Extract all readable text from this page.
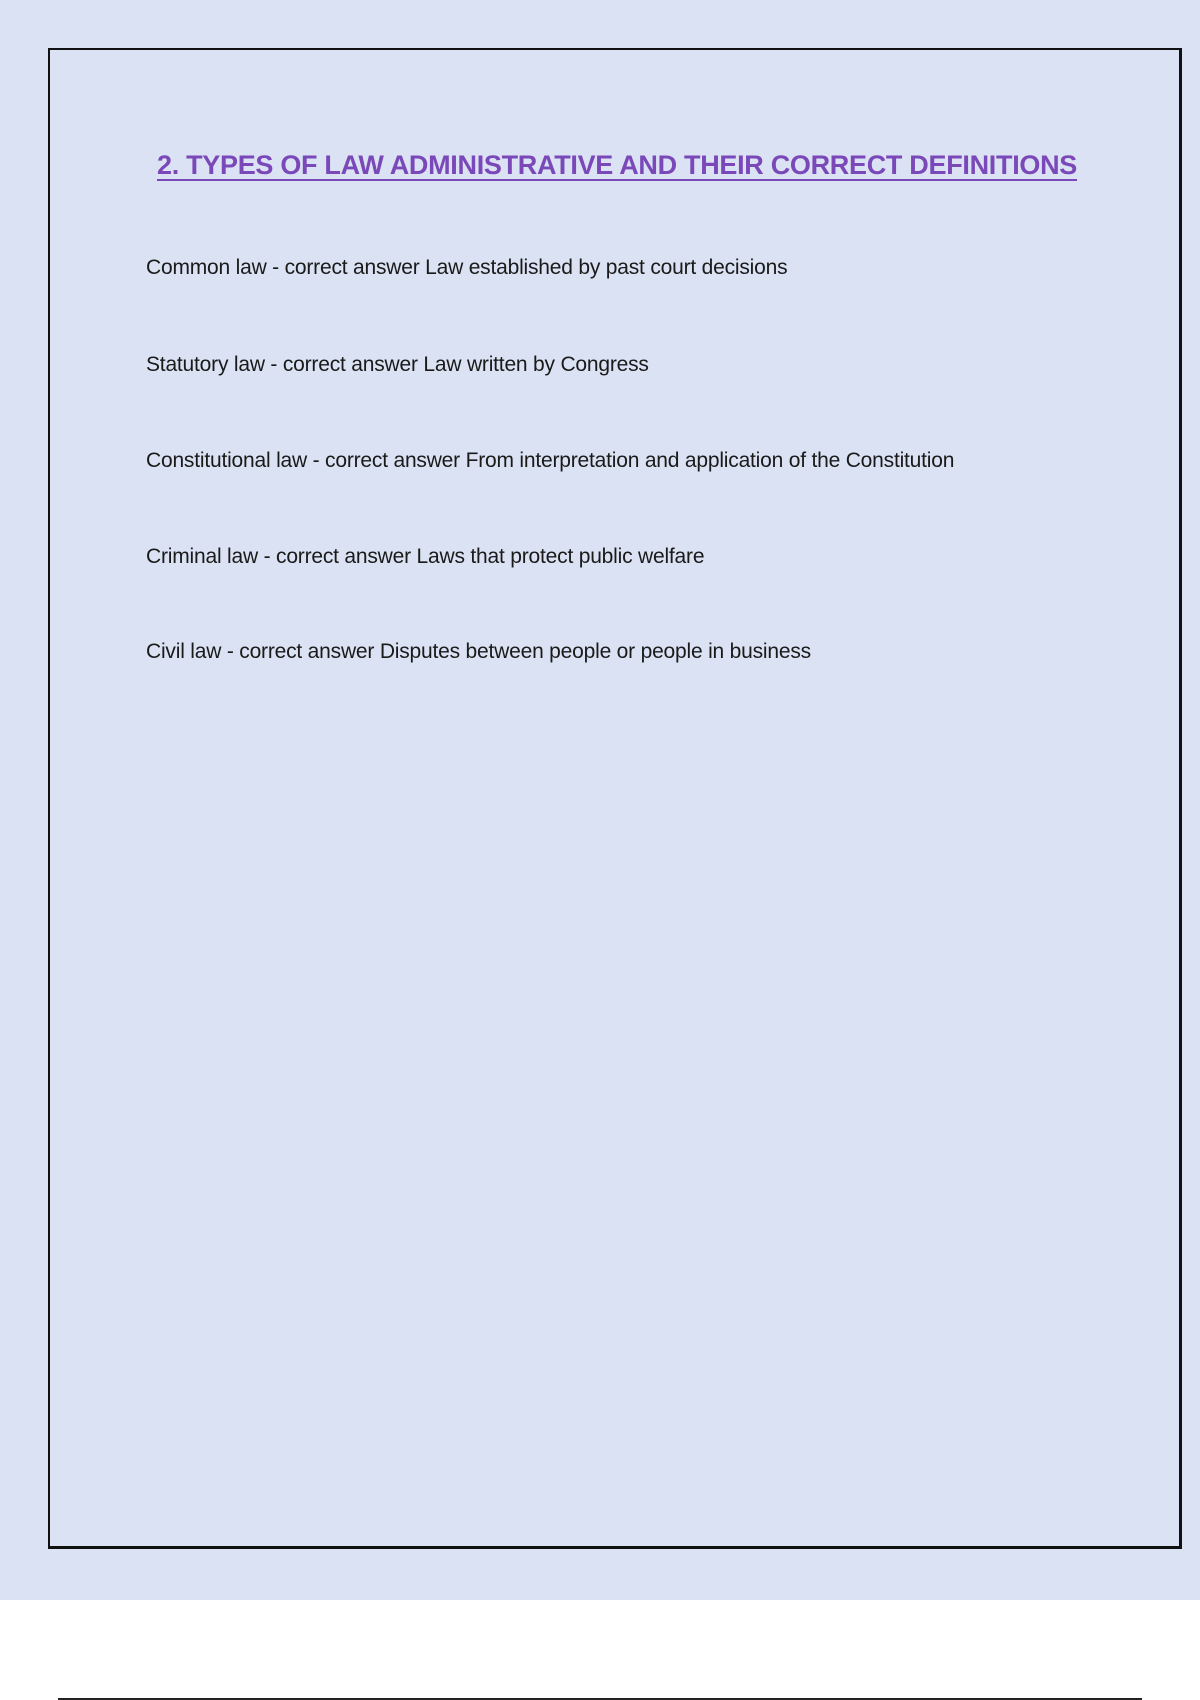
2. TYPES OF LAW ADMINISTRATIVE AND THEIR CORRECT DEFINITIONS

Common law - correct answer Law established by past court decisions

Statutory law - correct answer Law written by Congress

Constitutional law - correct answer From interpretation and application of the Constitution

Criminal law - correct answer Laws that protect public welfare

Civil law - correct answer Disputes between people or people in business
